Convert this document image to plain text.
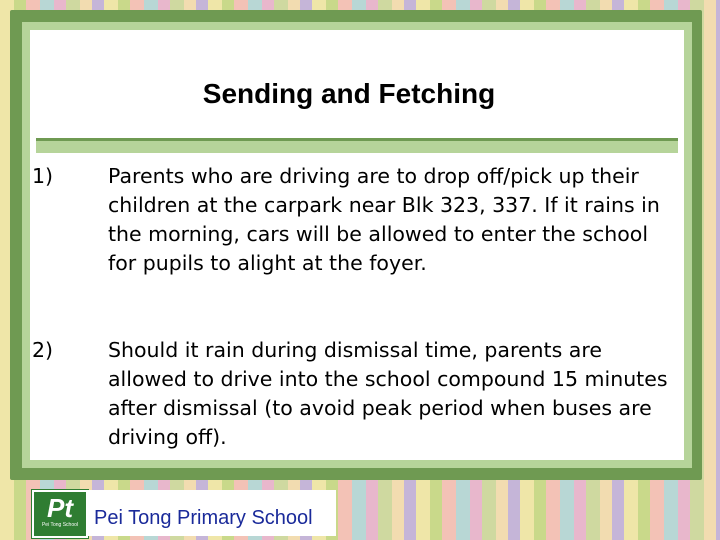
Sending and Fetching
1)	Parents who are driving are to drop off/pick up their children at the carpark near Blk 323, 337. If it rains in the morning, cars will be allowed to enter the school for pupils to alight at the foyer.
2)	Should it rain during dismissal time, parents are allowed to drive into the school compound 15 minutes after dismissal (to avoid peak period when buses are driving off).
Pt
Pei Tong School Pei Tong Primary School
